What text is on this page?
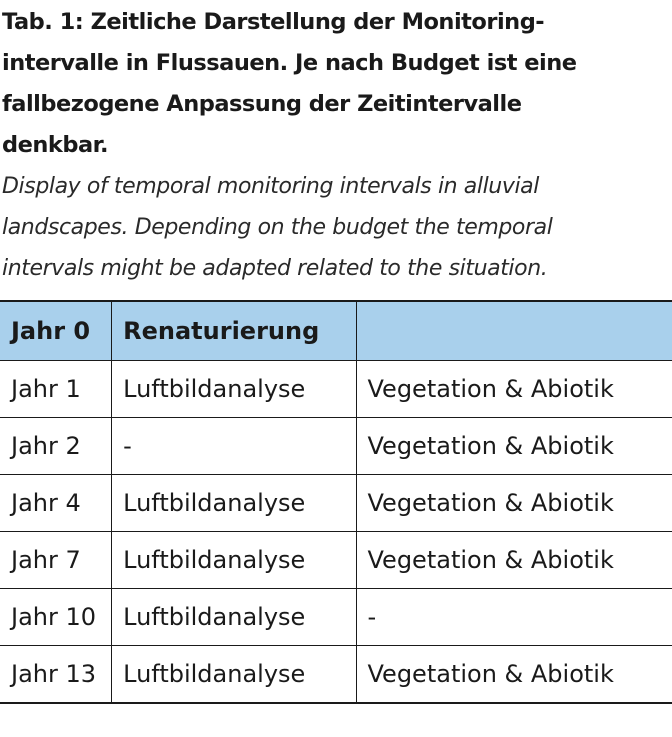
Tab. 1: Zeitliche Darstellung der Monitoring-

intervalle in Flussauen. Je nach Budget ist eine

fallbezogene Anpassung der Zeitintervalle

denkbar.

Display of temporal monitoring intervals in alluvial

landscapes. Depending on the budget the temporal

intervals might be adapted related to the situation.

Jahr 0	Renaturierung	
Jahr 1	Luftbildanalyse	Vegetation & Abiotik
Jahr 2	-	Vegetation & Abiotik
Jahr 4	Luftbildanalyse	Vegetation & Abiotik
Jahr 7	Luftbildanalyse	Vegetation & Abiotik
Jahr 10	Luftbildanalyse	-
Jahr 13	Luftbildanalyse	Vegetation & Abiotik
